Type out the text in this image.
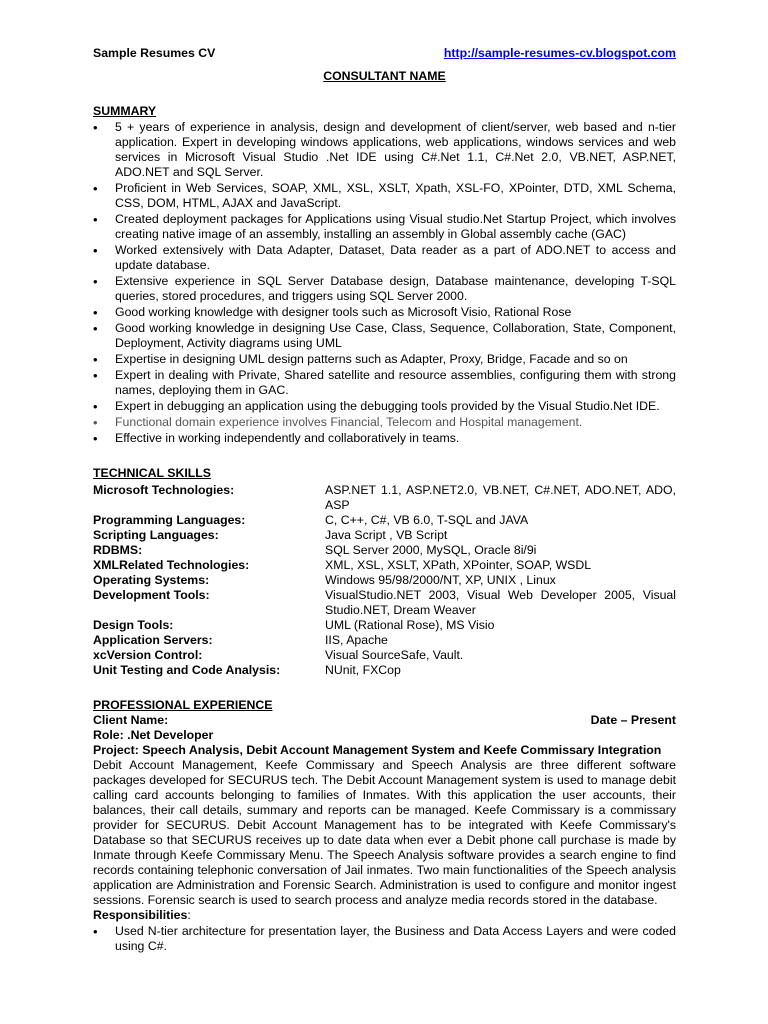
Sample Resumes CV	http://sample-resumes-cv.blogspot.com
CONSULTANT NAME
SUMMARY
• 5 + years of experience in analysis, design and development of client/server, web based and n-tier application. Expert in developing windows applications, web applications, windows services and web services in Microsoft Visual Studio .Net IDE using C#.Net 1.1, C#.Net 2.0, VB.NET, ASP.NET, ADO.NET and SQL Server.
• Proficient in Web Services, SOAP, XML, XSL, XSLT, Xpath, XSL-FO, XPointer, DTD, XML Schema, CSS, DOM, HTML, AJAX and JavaScript.
• Created deployment packages for Applications using Visual studio.Net Startup Project, which involves creating native image of an assembly, installing an assembly in Global assembly cache (GAC)
• Worked extensively with Data Adapter, Dataset, Data reader as a part of ADO.NET to access and update database.
• Extensive experience in SQL Server Database design, Database maintenance, developing T-SQL queries, stored procedures, and triggers using SQL Server 2000.
• Good working knowledge with designer tools such as Microsoft Visio, Rational Rose
• Good working knowledge in designing Use Case, Class, Sequence, Collaboration, State, Component, Deployment, Activity diagrams using UML
• Expertise in designing UML design patterns such as Adapter, Proxy, Bridge, Facade and so on
• Expert in dealing with Private, Shared satellite and resource assemblies, configuring them with strong names, deploying them in GAC.
• Expert in debugging an application using the debugging tools provided by the Visual Studio.Net IDE.
• Functional domain experience involves Financial, Telecom and Hospital management.
• Effective in working independently and collaboratively in teams.
TECHNICAL SKILLS
Microsoft Technologies:	ASP.NET 1.1, ASP.NET2.0, VB.NET, C#.NET, ADO.NET, ADO, ASP
Programming Languages:	C, C++, C#, VB 6.0, T-SQL and JAVA
Scripting Languages:	Java Script , VB Script
RDBMS:	SQL Server 2000, MySQL, Oracle 8i/9i
XMLRelated Technologies:	XML, XSL, XSLT, XPath, XPointer, SOAP, WSDL
Operating Systems:	Windows 95/98/2000/NT, XP, UNIX , Linux
Development Tools:	VisualStudio.NET 2003, Visual Web Developer 2005, Visual Studio.NET, Dream Weaver
Design Tools:	UML (Rational Rose), MS Visio
Application Servers:	IIS, Apache
xcVersion Control:	Visual SourceSafe, Vault.
Unit Testing and Code Analysis:	NUnit, FXCop
PROFESSIONAL EXPERIENCE
Client Name:	Date – Present
Role: .Net Developer
Project: Speech Analysis, Debit Account Management System and Keefe Commissary Integration
Debit Account Management, Keefe Commissary and Speech Analysis are three different software packages developed for SECURUS tech. The Debit Account Management system is used to manage debit calling card accounts belonging to families of Inmates. With this application the user accounts, their balances, their call details, summary and reports can be managed. Keefe Commissary is a commissary provider for SECURUS. Debit Account Management has to be integrated with Keefe Commissary's Database so that SECURUS receives up to date data when ever a Debit phone call purchase is made by Inmate through Keefe Commissary Menu. The Speech Analysis software provides a search engine to find records containing telephonic conversation of Jail inmates. Two main functionalities of the Speech analysis application are Administration and Forensic Search. Administration is used to configure and monitor ingest sessions. Forensic search is used to search process and analyze media records stored in the database.
Responsibilities:
• Used N-tier architecture for presentation layer, the Business and Data Access Layers and were coded using C#.
